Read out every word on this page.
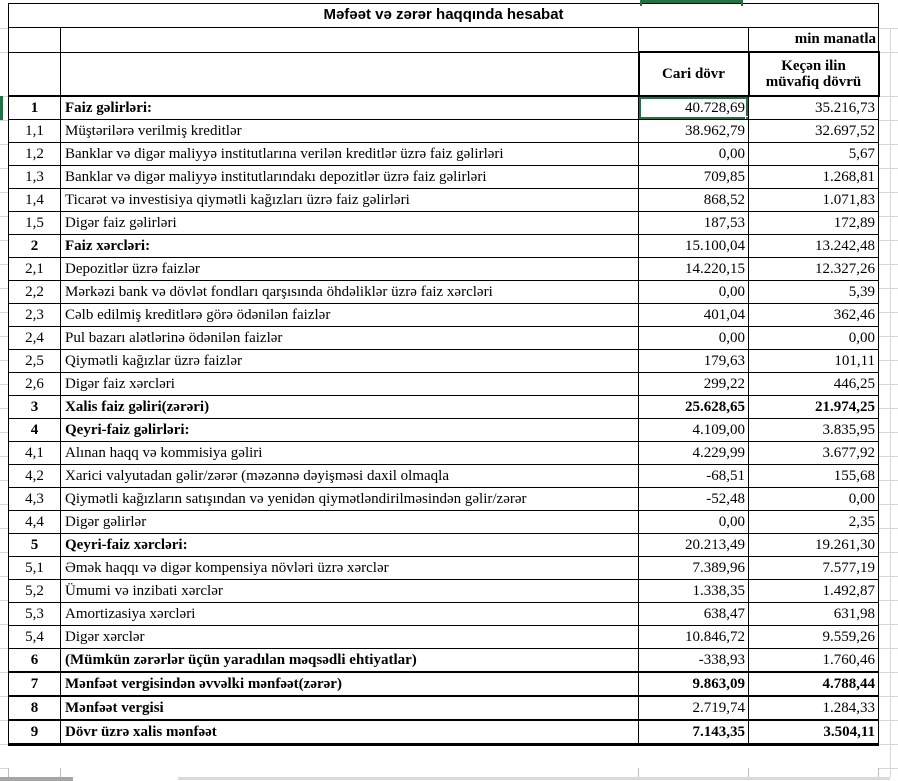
Məfəət və zərər haqqında hesabat			
			min manatla
		Cari dövr	Keçən ilin
müvafiq dövrü

1	Faiz gəlirləri:	40.728,69	35.216,73
1,1	Müştərilərə verilmiş kreditlər	38.962,79	32.697,52
1,2	Banklar və digər maliyyə institutlarına verilən kreditlər üzrə faiz gəlirləri	0,00	5,67
1,3	Banklar və digər maliyyə institutlarındakı depozitlər üzrə faiz gəlirləri	709,85	1.268,81
1,4	Ticarət və investisiya qiymətli kağızları üzrə faiz gəlirləri	868,52	1.071,83
1,5	Digər faiz gəlirləri	187,53	172,89
2	Faiz xərcləri:	15.100,04	13.242,48
2,1	Depozitlər üzrə faizlər	14.220,15	12.327,26
2,2	Mərkəzi bank və dövlət fondları qarşısında öhdəliklər üzrə faiz xərcləri	0,00	5,39
2,3	Cəlb edilmiş kreditlərə görə ödənilən faizlər	401,04	362,46
2,4	Pul bazarı alətlərinə ödənilən faizlər	0,00	0,00
2,5	Qiymətli kağızlar üzrə faizlər	179,63	101,11
2,6	Digər faiz xərcləri	299,22	446,25
3	Xalis faiz gəliri(zərəri)	25.628,65	21.974,25
4	Qeyri-faiz gəlirləri:	4.109,00	3.835,95
4,1	Alınan haqq və kommisiya gəliri	4.229,99	3.677,92
4,2	Xarici valyutadan gəlir/zərər (məzənnə dəyişməsi daxil olmaqla	-68,51	155,68
4,3	Qiymətli kağızların satışından və yenidən qiymətləndirilməsindən gəlir/zərər	-52,48	0,00
4,4	Digər gəlirlər	0,00	2,35
5	Qeyri-faiz xərcləri:	20.213,49	19.261,30
5,1	Əmək haqqı və digər kompensiya növləri üzrə xərclər	7.389,96	7.577,19
5,2	Ümumi və inzibati xərclər	1.338,35	1.492,87
5,3	Amortizasiya xərcləri	638,47	631,98
5,4	Digər xərclər	10.846,72	9.559,26
6	(Mümkün zərərlər üçün yaradılan məqsədli ehtiyatlar)	-338,93	1.760,46
7	Mənfəət vergisindən əvvəlki mənfəət(zərər)	9.863,09	4.788,44
8	Mənfəət vergisi	2.719,74	1.284,33
9	Dövr üzrə xalis mənfəət	7.143,35	3.504,11
